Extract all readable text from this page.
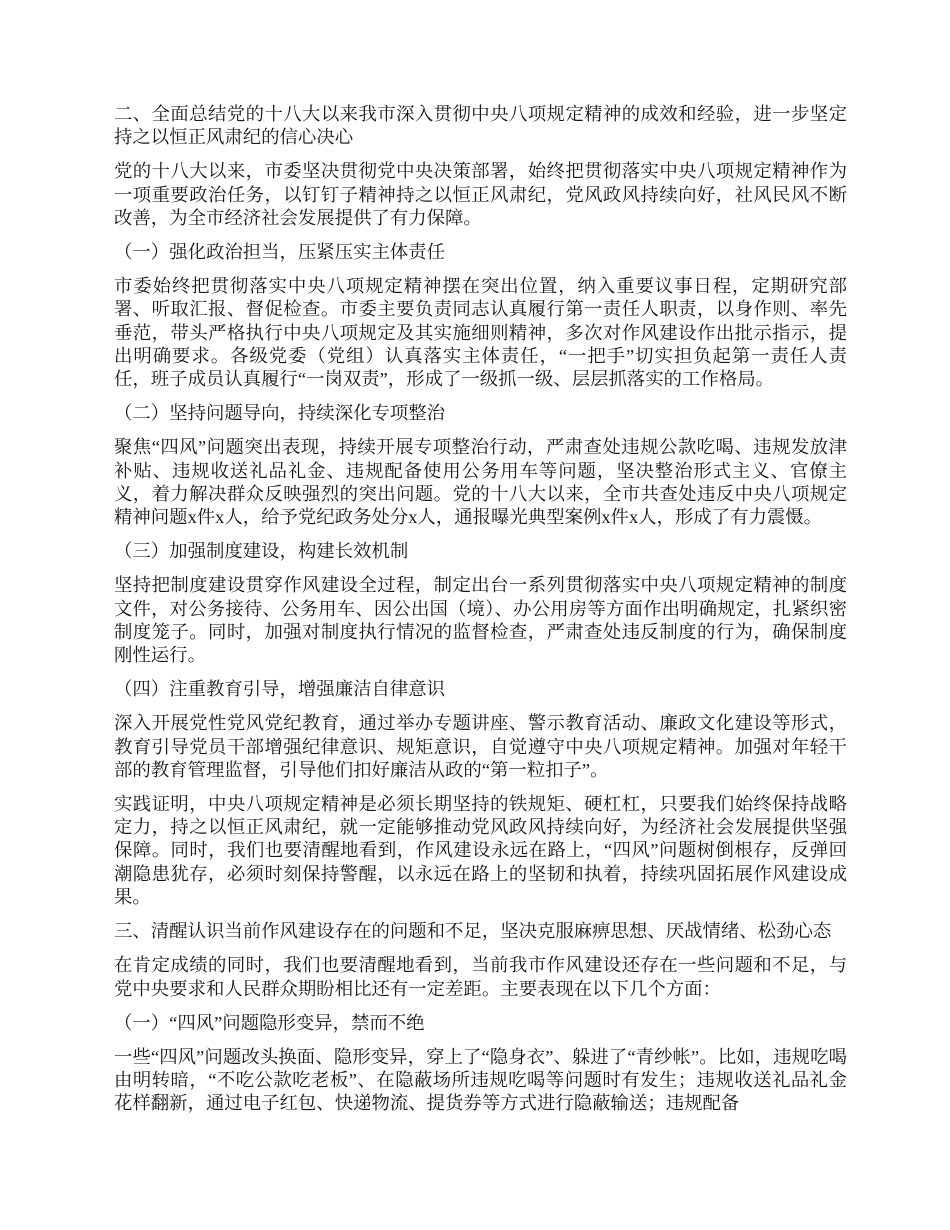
二、全面总结党的十八大以来我市深入贯彻中央八项规定精神的成效和经验，进一步坚定持之以恒正风肃纪的信心决心

党的十八大以来，市委坚决贯彻党中央决策部署，始终把贯彻落实中央八项规定精神作为一项重要政治任务，以钉钉子精神持之以恒正风肃纪，党风政风持续向好，社风民风不断改善，为全市经济社会发展提供了有力保障。

（一）强化政治担当，压紧压实主体责任

市委始终把贯彻落实中央八项规定精神摆在突出位置，纳入重要议事日程，定期研究部署、听取汇报、督促检查。市委主要负责同志认真履行第一责任人职责，以身作则、率先垂范，带头严格执行中央八项规定及其实施细则精神，多次对作风建设作出批示指示，提出明确要求。各级党委（党组）认真落实主体责任，“一把手”切实担负起第一责任人责任，班子成员认真履行“一岗双责”，形成了一级抓一级、层层抓落实的工作格局。

（二）坚持问题导向，持续深化专项整治

聚焦“四风”问题突出表现，持续开展专项整治行动，严肃查处违规公款吃喝、违规发放津补贴、违规收送礼品礼金、违规配备使用公务用车等问题，坚决整治形式主义、官僚主义，着力解决群众反映强烈的突出问题。党的十八大以来，全市共查处违反中央八项规定精神问题x件x人，给予党纪政务处分x人，通报曝光典型案例x件x人，形成了有力震慑。

（三）加强制度建设，构建长效机制

坚持把制度建设贯穿作风建设全过程，制定出台一系列贯彻落实中央八项规定精神的制度文件，对公务接待、公务用车、因公出国（境）、办公用房等方面作出明确规定，扎紧织密制度笼子。同时，加强对制度执行情况的监督检查，严肃查处违反制度的行为，确保制度刚性运行。

（四）注重教育引导，增强廉洁自律意识

深入开展党性党风党纪教育，通过举办专题讲座、警示教育活动、廉政文化建设等形式，教育引导党员干部增强纪律意识、规矩意识，自觉遵守中央八项规定精神。加强对年轻干部的教育管理监督，引导他们扣好廉洁从政的“第一粒扣子”。

实践证明，中央八项规定精神是必须长期坚持的铁规矩、硬杠杠，只要我们始终保持战略定力，持之以恒正风肃纪，就一定能够推动党风政风持续向好，为经济社会发展提供坚强保障。同时，我们也要清醒地看到，作风建设永远在路上，“四风”问题树倒根存，反弹回潮隐患犹存，必须时刻保持警醒，以永远在路上的坚韧和执着，持续巩固拓展作风建设成果。

三、清醒认识当前作风建设存在的问题和不足，坚决克服麻痹思想、厌战情绪、松劲心态

在肯定成绩的同时，我们也要清醒地看到，当前我市作风建设还存在一些问题和不足，与党中央要求和人民群众期盼相比还有一定差距。主要表现在以下几个方面：

（一）“四风”问题隐形变异，禁而不绝

一些“四风”问题改头换面、隐形变异，穿上了“隐身衣”、躲进了“青纱帐”。比如，违规吃喝由明转暗，“不吃公款吃老板”、在隐蔽场所违规吃喝等问题时有发生；违规收送礼品礼金花样翻新，通过电子红包、快递物流、提货券等方式进行隐蔽输送；违规配备
